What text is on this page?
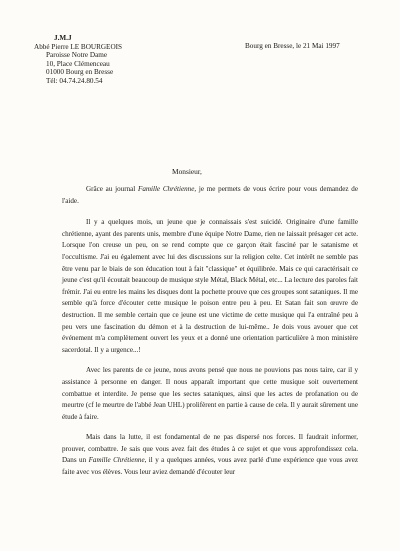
J.M.J
Abbé Pierre LE BOURGEOIS
Paroisse Notre Dame
10, Place Clémenceau
01000 Bourg en Bresse
Tél: 04.74.24.80.54
Bourg en Bresse, le 21 Mai 1997
Monsieur,

Grâce au journal Famille Chrétienne, je me permets de vous écrire pour vous demandez de l'aide.

Il y a quelques mois, un jeune que je connaissais s'est suicidé. Originaire d'une famille chrétienne, ayant des parents unis, membre d'une équipe Notre Dame, rien ne laissait présager cet acte. Lorsque l'on creuse un peu, on se rend compte que ce garçon était fasciné par le satanisme et l'occultisme. J'ai eu également avec lui des discussions sur la religion celte. Cet intérêt ne semble pas être venu par le biais de son éducation tout à fait "classique" et équilibrée. Mais ce qui caractérisait ce jeune c'est qu'il écoutait beaucoup de musique style Métal, Black Métal, etc... La lecture des paroles fait frémir. J'ai eu entre les mains les disques dont la pochette prouve que ces groupes sont sataniques. Il me semble qu'à force d'écouter cette musique le poison entre peu à peu. Et Satan fait son œuvre de destruction. Il me semble certain que ce jeune est une victime de cette musique qui l'a entraîné peu à peu vers une fascination du démon et à la destruction de lui-même.. Je dois vous avouer que cet événement m'a complètement ouvert les yeux et a donné une orientation particulière à mon ministère sacerdotal. Il y a urgence...!

Avec les parents de ce jeune, nous avons pensé que nous ne pouvions pas nous taire, car il y assistance à personne en danger. Il nous apparaît important que cette musique soit ouvertement combattue et interdite. Je pense que les sectes sataniques, ainsi que les actes de profanation ou de meurtre (cf le meurtre de l'abbé Jean UHL) prolifèrent en partie à cause de cela. Il y aurait sûrement une étude à faire.

Mais dans la lutte, il est fondamental de ne pas dispersé nos forces. Il faudrait informer, prouver, combattre. Je sais que vous avez fait des études à ce sujet et que vous approfondissez cela. Dans un Famille Chrétienne, il y a quelques années, vous avez parlé d'une expérience que vous avez faite avec vos élèves. Vous leur aviez demandé d'écouter leur
